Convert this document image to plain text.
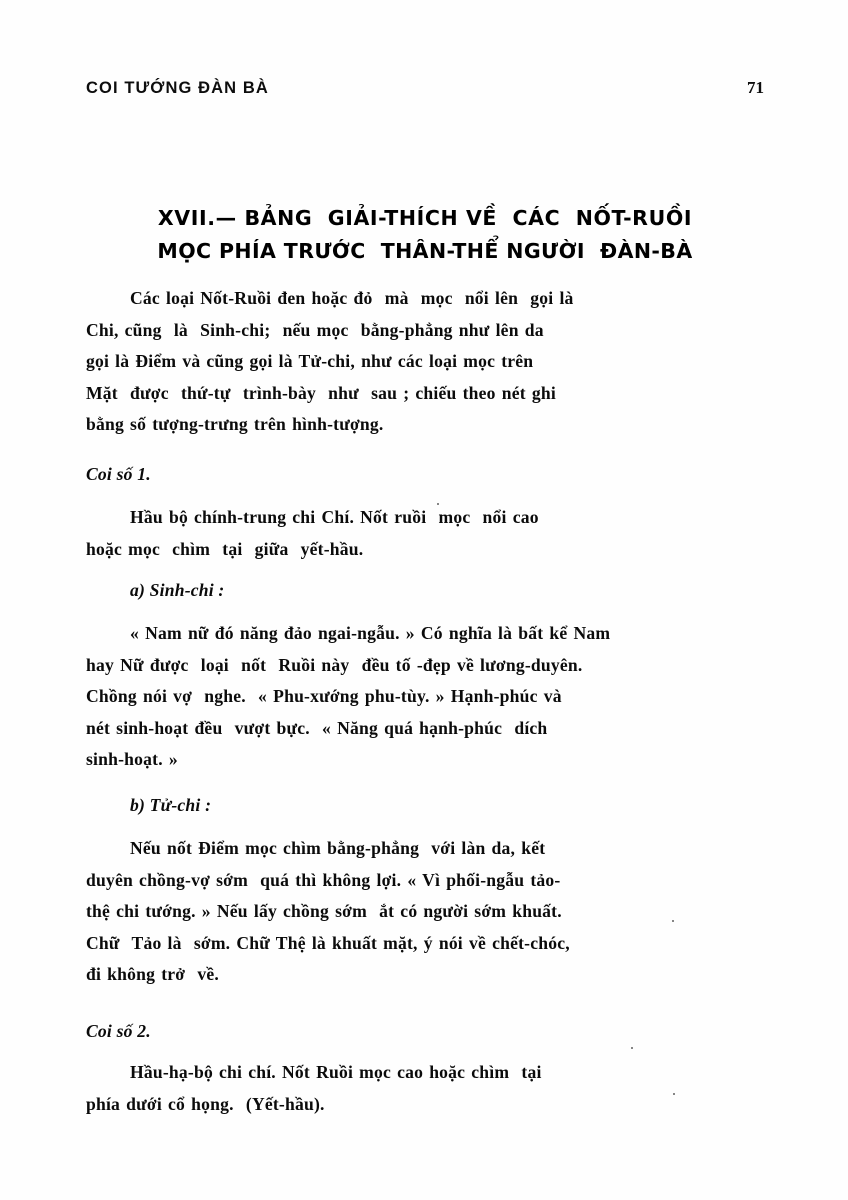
COI TƯỚNG ĐÀN BÀ	71
XVII.— BẢNG  GIẢI-THÍCH VỀ  CÁC  NỐT-RUỒI
MỌC PHÍA TRƯỚC  THÂN-THỂ NGƯỜI  ĐÀN-BÀ
Các loại Nốt-Ruồi đen hoặc đỏ  mà  mọc  nổi lên  gọi là
Chi, cũng  là  Sinh-chi;  nếu mọc  bằng-phẳng như lên da
gọi là Điểm và cũng gọi là Tử-chi, như các loại mọc trên
Mặt  được  thứ-tự  trình-bày  như  sau ; chiếu theo nét ghi
bằng số tượng-trưng trên hình-tượng.
Coi số 1.
Hầu bộ chính-trung chi Chí. Nốt ruồi  mọc  nổi cao
hoặc mọc  chìm  tại  giữa  yết-hầu.
a) Sinh-chi :
« Nam nữ đó năng đảo ngai-ngẫu. » Có nghĩa là bất kể Nam
hay Nữ được  loại  nốt  Ruồi này  đều tố -đẹp về lương-duyên.
Chồng nói vợ  nghe.  « Phu-xướng phu-tùy. » Hạnh-phúc và
nét sinh-hoạt đều  vượt bực.  « Năng quá hạnh-phúc  dích
sinh-hoạt. »
b) Tử-chi :
Nếu nốt Điểm mọc chìm bằng-phẳng  với làn da, kết
duyên chồng-vợ sớm  quá thì không lợi. « Vì phối-ngẫu tảo-
thệ chi tướng. » Nếu lấy chồng sớm  ắt có người sớm khuất.
Chữ  Tảo là  sớm. Chữ Thệ là khuất mặt, ý nói về chết-chóc,
đi không trở  về.
Coi số 2.
Hầu-hạ-bộ chi chí. Nốt Ruồi mọc cao hoặc chìm  tại
phía dưới cổ họng.  (Yết-hầu).
